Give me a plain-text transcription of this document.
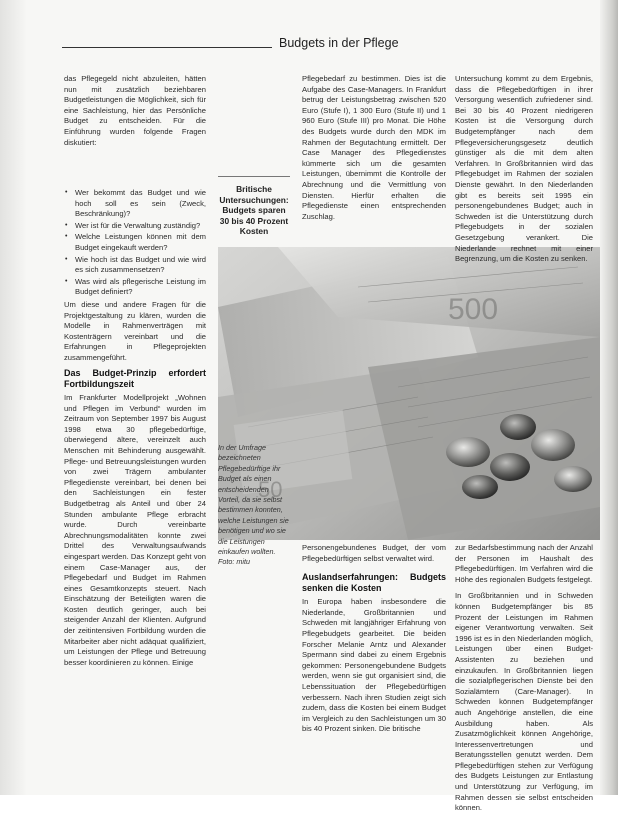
Budgets in der Pflege

das Pflegegeld nicht abzuleiten, hätten nun mit zusätzlich beziehbaren Budgetleistungen die Möglichkeit, sich für eine Sachleistung, hier das Persönliche Budget zu entscheiden. Für die Einführung wurden folgende Fragen diskutiert:

• Wer bekommt das Budget und wie hoch soll es sein (Zweck, Beschränkung)?
• Wer ist für die Verwaltung zuständig?
• Welche Leistungen können mit dem Budget eingekauft werden?
• Wie hoch ist das Budget und wie wird es sich zusammensetzen?
• Was wird als pflegerische Leistung im Budget definiert?

Um diese und andere Fragen für die Projektgestaltung zu klären, wurden die Modelle in Rahmenverträgen mit Kostenträgern vereinbart und die Erfahrungen in Pflegeprojekten zusammengeführt.

Das Budget-Prinzip erfordert Fortbildungszeit

Im Frankfurter Modellprojekt „Wohnen und Pflegen im Verbund“ wurden im Zeitraum von September 1997 bis August 1998 etwa 30 pflegebedürftige, überwiegend ältere, vereinzelt auch Menschen mit Behinderung ausgewählt. Pflege- und Betreuungsleistungen wurden von zwei Trägern ambulanter Pflegedienste vereinbart, bei denen bei den Sachleistungen ein fester Budgetbetrag als Anteil und über 24 Stunden ambulante Pflege erbracht wurde. Durch vereinbarte Abrechnungsmodalitäten konnte zwei Drittel des Verwaltungsaufwands eingespart werden. Das Konzept geht von einem Case-Manager aus, der Pflegebedarf und Budget im Rahmen eines Gesamtkonzepts steuert. Nach Einschätzung der Beteiligten waren die Kosten deutlich geringer, auch bei steigender Anzahl der Klienten. Aufgrund der zeitintensiven Fortbildung wurden die Mitarbeiter aber nicht adäquat qualifiziert, um Leistungen der Pflege und Betreuung besser koordinieren zu können. Einige

Britische Untersuchungen: Budgets sparen 30 bis 40 Prozent Kosten
500
50

Pflegebedarf zu bestimmen. Dies ist die Aufgabe des Case-Managers. In Frankfurt betrug der Leistungsbetrag zwischen 520 Euro (Stufe I), 1 300 Euro (Stufe II) und 1 960 Euro (Stufe III) pro Monat. Die Höhe des Budgets wurde durch den MDK im Rahmen der Begutachtung ermittelt. Der Case Manager des Pflegedienstes kümmerte sich um die gesamten Leistungen, übernimmt die Kontrolle der Abrechnung und die Vermittlung von Diensten. Hierfür erhalten die Pflegedienste einen entsprechenden Zuschlag.

Untersuchung kommt zu dem Ergebnis, dass die Pflegebedürftigen in ihrer Versorgung wesentlich zufriedener sind. Bei 30 bis 40 Prozent niedrigeren Kosten ist die Versorgung durch Budgetempfänger nach dem Pflegeversicherungsgesetz deutlich günstiger als die mit dem alten Verfahren. In Großbritannien wird das Pflegebudget im Rahmen der sozialen Dienste gewährt. In den Niederlanden gibt es bereits seit 1995 ein personengebundenes Budget; auch in Schweden ist die Unterstützung durch Pflegebudgets in der sozialen Gesetzgebung verankert. Die Niederlande rechnet mit einer Begrenzung, um die Kosten zu senken.

In der Umfrage bezeichneten Pflegebedürftige ihr Budget als einen entscheidenden Vorteil, da sie selbst bestimmen konnten, welche Leistungen sie benötigen und wo sie die Leistungen einkaufen wollten. Foto: mitu

Personengebundenes Budget, der vom Pflegebedürftigen selbst verwaltet wird.

Auslandserfahrungen: Budgets senken die Kosten

In Europa haben insbesondere die Niederlande, Großbritannien und Schweden mit langjähriger Erfahrung von Pflegebudgets gearbeitet. Die beiden Forscher Melanie Arntz und Alexander Spermann sind dabei zu einem Ergebnis gekommen: Personengebundene Budgets werden, wenn sie gut organisiert sind, die Lebenssituation der Pflegebedürftigen verbessern. Nach ihren Studien zeigt sich zudem, dass die Kosten bei einem Budget im Vergleich zu den Sachleistungen um 30 bis 40 Prozent sinken. Die britische

zur Bedarfsbestimmung nach der Anzahl der Personen im Haushalt des Pflegebedürftigen. Im Verfahren wird die Höhe des regionalen Budgets festgelegt.

In Großbritannien und in Schweden können Budgetempfänger bis 85 Prozent der Leistungen im Rahmen eigener Verantwortung verwalten. Seit 1996 ist es in den Niederlanden möglich, Leistungen über einen Budget-Assistenten zu beziehen und einzukaufen. In Großbritannien liegen die sozialpflegerischen Dienste bei den Sozialämtern (Care-Manager). In Schweden können Budgetempfänger auch Angehörige anstellen, die eine Ausbildung haben. Als Zusatzmöglichkeit können Angehörige, Interessenvertretungen und Beratungsstellen genutzt werden. Dem Pflegebedürftigen stehen zur Verfügung des Budgets Leistungen zur Entlastung und Unterstützung zur Verfügung, im Rahmen dessen sie selbst entscheiden können.
